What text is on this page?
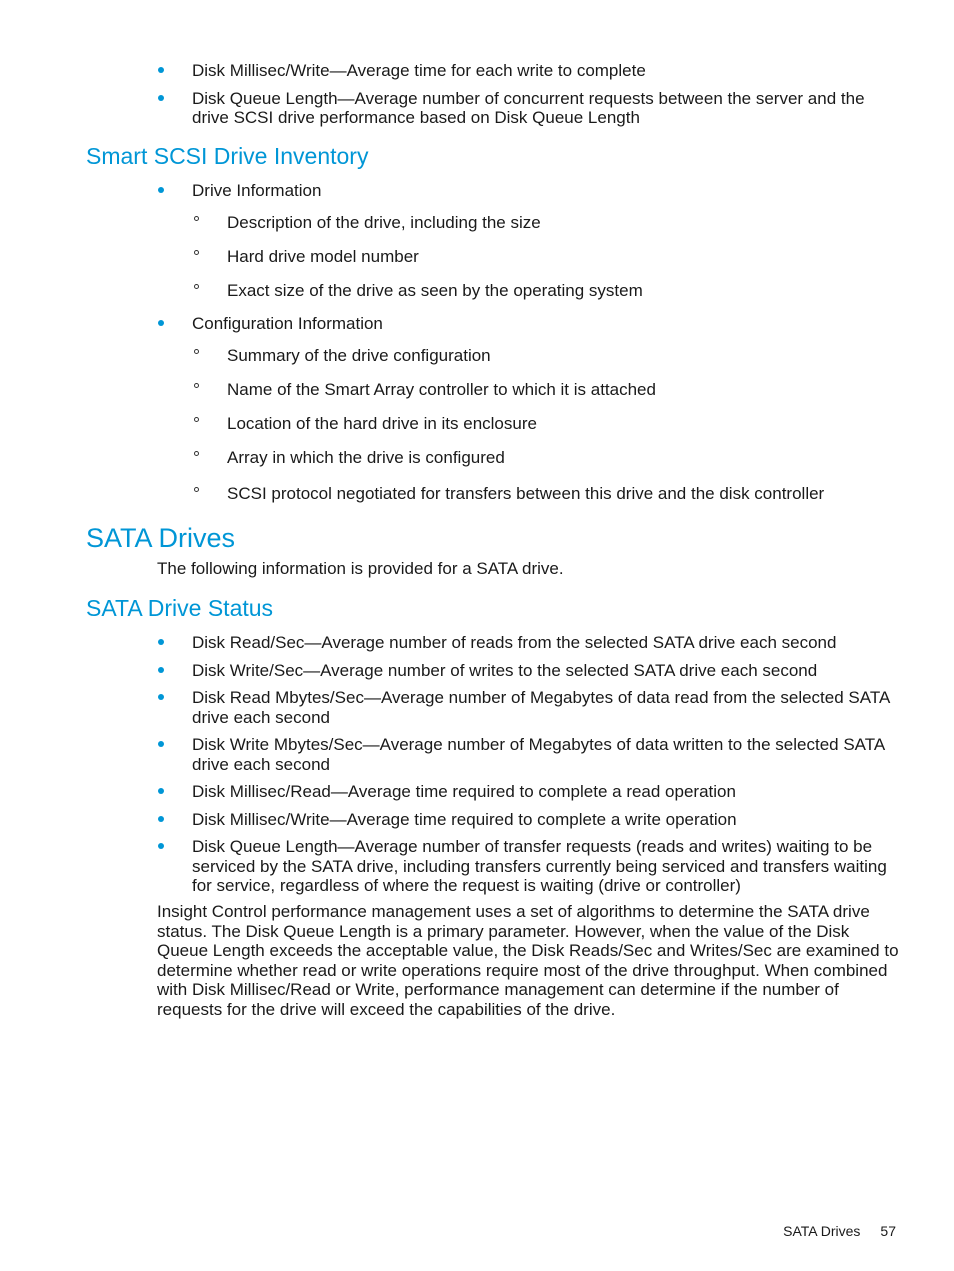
Disk Millisec/Write—Average time for each write to complete
Disk Queue Length—Average number of concurrent requests between the server and the drive SCSI drive performance based on Disk Queue Length
Smart SCSI Drive Inventory
Drive Information
Description of the drive, including the size
Hard drive model number
Exact size of the drive as seen by the operating system
Configuration Information
Summary of the drive configuration
Name of the Smart Array controller to which it is attached
Location of the hard drive in its enclosure
Array in which the drive is configured
SCSI protocol negotiated for transfers between this drive and the disk controller
SATA Drives

The following information is provided for a SATA drive.

SATA Drive Status
Disk Read/Sec—Average number of reads from the selected SATA drive each second
Disk Write/Sec—Average number of writes to the selected SATA drive each second
Disk Read Mbytes/Sec—Average number of Megabytes of data read from the selected SATA drive each second
Disk Write Mbytes/Sec—Average number of Megabytes of data written to the selected SATA drive each second
Disk Millisec/Read—Average time required to complete a read operation
Disk Millisec/Write—Average time required to complete a write operation
Disk Queue Length—Average number of transfer requests (reads and writes) waiting to be serviced by the SATA drive, including transfers currently being serviced and transfers waiting for service, regardless of where the request is waiting (drive or controller)

Insight Control performance management uses a set of algorithms to determine the SATA drive status. The Disk Queue Length is a primary parameter. However, when the value of the Disk Queue Length exceeds the acceptable value, the Disk Reads/Sec and Writes/Sec are examined to determine whether read or write operations require most of the drive throughput. When combined with Disk Millisec/Read or Write, performance management can determine if the number of requests for the drive will exceed the capabilities of the drive.

SATA Drives 57
